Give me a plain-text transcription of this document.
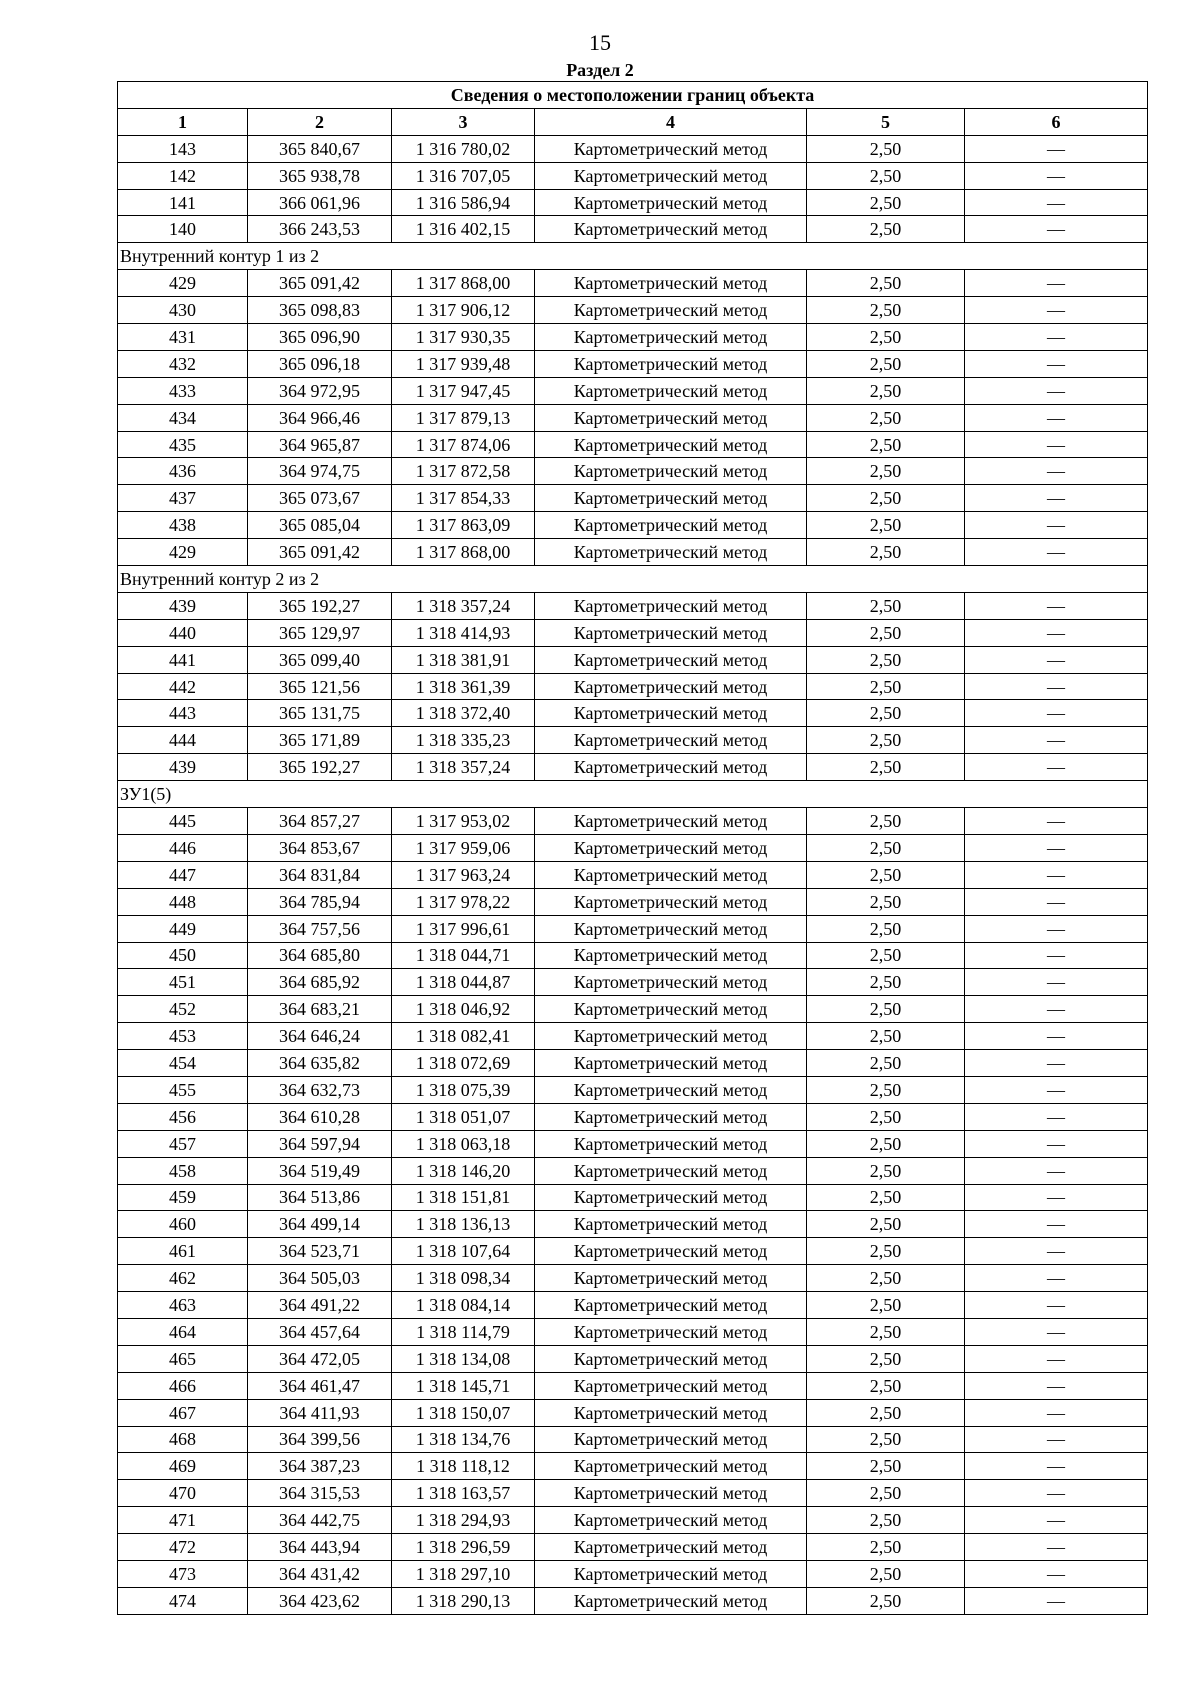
15
Раздел 2
Сведения о местоположении границ объекта					
1	2	3	4	5	6
143	365 840,67	1 316 780,02	Картометрический метод	2,50	—
142	365 938,78	1 316 707,05	Картометрический метод	2,50	—
141	366 061,96	1 316 586,94	Картометрический метод	2,50	—
140	366 243,53	1 316 402,15	Картометрический метод	2,50	—
Внутренний контур 1 из 2					
429	365 091,42	1 317 868,00	Картометрический метод	2,50	—
430	365 098,83	1 317 906,12	Картометрический метод	2,50	—
431	365 096,90	1 317 930,35	Картометрический метод	2,50	—
432	365 096,18	1 317 939,48	Картометрический метод	2,50	—
433	364 972,95	1 317 947,45	Картометрический метод	2,50	—
434	364 966,46	1 317 879,13	Картометрический метод	2,50	—
435	364 965,87	1 317 874,06	Картометрический метод	2,50	—
436	364 974,75	1 317 872,58	Картометрический метод	2,50	—
437	365 073,67	1 317 854,33	Картометрический метод	2,50	—
438	365 085,04	1 317 863,09	Картометрический метод	2,50	—
429	365 091,42	1 317 868,00	Картометрический метод	2,50	—
Внутренний контур 2 из 2					
439	365 192,27	1 318 357,24	Картометрический метод	2,50	—
440	365 129,97	1 318 414,93	Картометрический метод	2,50	—
441	365 099,40	1 318 381,91	Картометрический метод	2,50	—
442	365 121,56	1 318 361,39	Картометрический метод	2,50	—
443	365 131,75	1 318 372,40	Картометрический метод	2,50	—
444	365 171,89	1 318 335,23	Картометрический метод	2,50	—
439	365 192,27	1 318 357,24	Картометрический метод	2,50	—
ЗУ1(5)					
445	364 857,27	1 317 953,02	Картометрический метод	2,50	—
446	364 853,67	1 317 959,06	Картометрический метод	2,50	—
447	364 831,84	1 317 963,24	Картометрический метод	2,50	—
448	364 785,94	1 317 978,22	Картометрический метод	2,50	—
449	364 757,56	1 317 996,61	Картометрический метод	2,50	—
450	364 685,80	1 318 044,71	Картометрический метод	2,50	—
451	364 685,92	1 318 044,87	Картометрический метод	2,50	—
452	364 683,21	1 318 046,92	Картометрический метод	2,50	—
453	364 646,24	1 318 082,41	Картометрический метод	2,50	—
454	364 635,82	1 318 072,69	Картометрический метод	2,50	—
455	364 632,73	1 318 075,39	Картометрический метод	2,50	—
456	364 610,28	1 318 051,07	Картометрический метод	2,50	—
457	364 597,94	1 318 063,18	Картометрический метод	2,50	—
458	364 519,49	1 318 146,20	Картометрический метод	2,50	—
459	364 513,86	1 318 151,81	Картометрический метод	2,50	—
460	364 499,14	1 318 136,13	Картометрический метод	2,50	—
461	364 523,71	1 318 107,64	Картометрический метод	2,50	—
462	364 505,03	1 318 098,34	Картометрический метод	2,50	—
463	364 491,22	1 318 084,14	Картометрический метод	2,50	—
464	364 457,64	1 318 114,79	Картометрический метод	2,50	—
465	364 472,05	1 318 134,08	Картометрический метод	2,50	—
466	364 461,47	1 318 145,71	Картометрический метод	2,50	—
467	364 411,93	1 318 150,07	Картометрический метод	2,50	—
468	364 399,56	1 318 134,76	Картометрический метод	2,50	—
469	364 387,23	1 318 118,12	Картометрический метод	2,50	—
470	364 315,53	1 318 163,57	Картометрический метод	2,50	—
471	364 442,75	1 318 294,93	Картометрический метод	2,50	—
472	364 443,94	1 318 296,59	Картометрический метод	2,50	—
473	364 431,42	1 318 297,10	Картометрический метод	2,50	—
474	364 423,62	1 318 290,13	Картометрический метод	2,50	—
